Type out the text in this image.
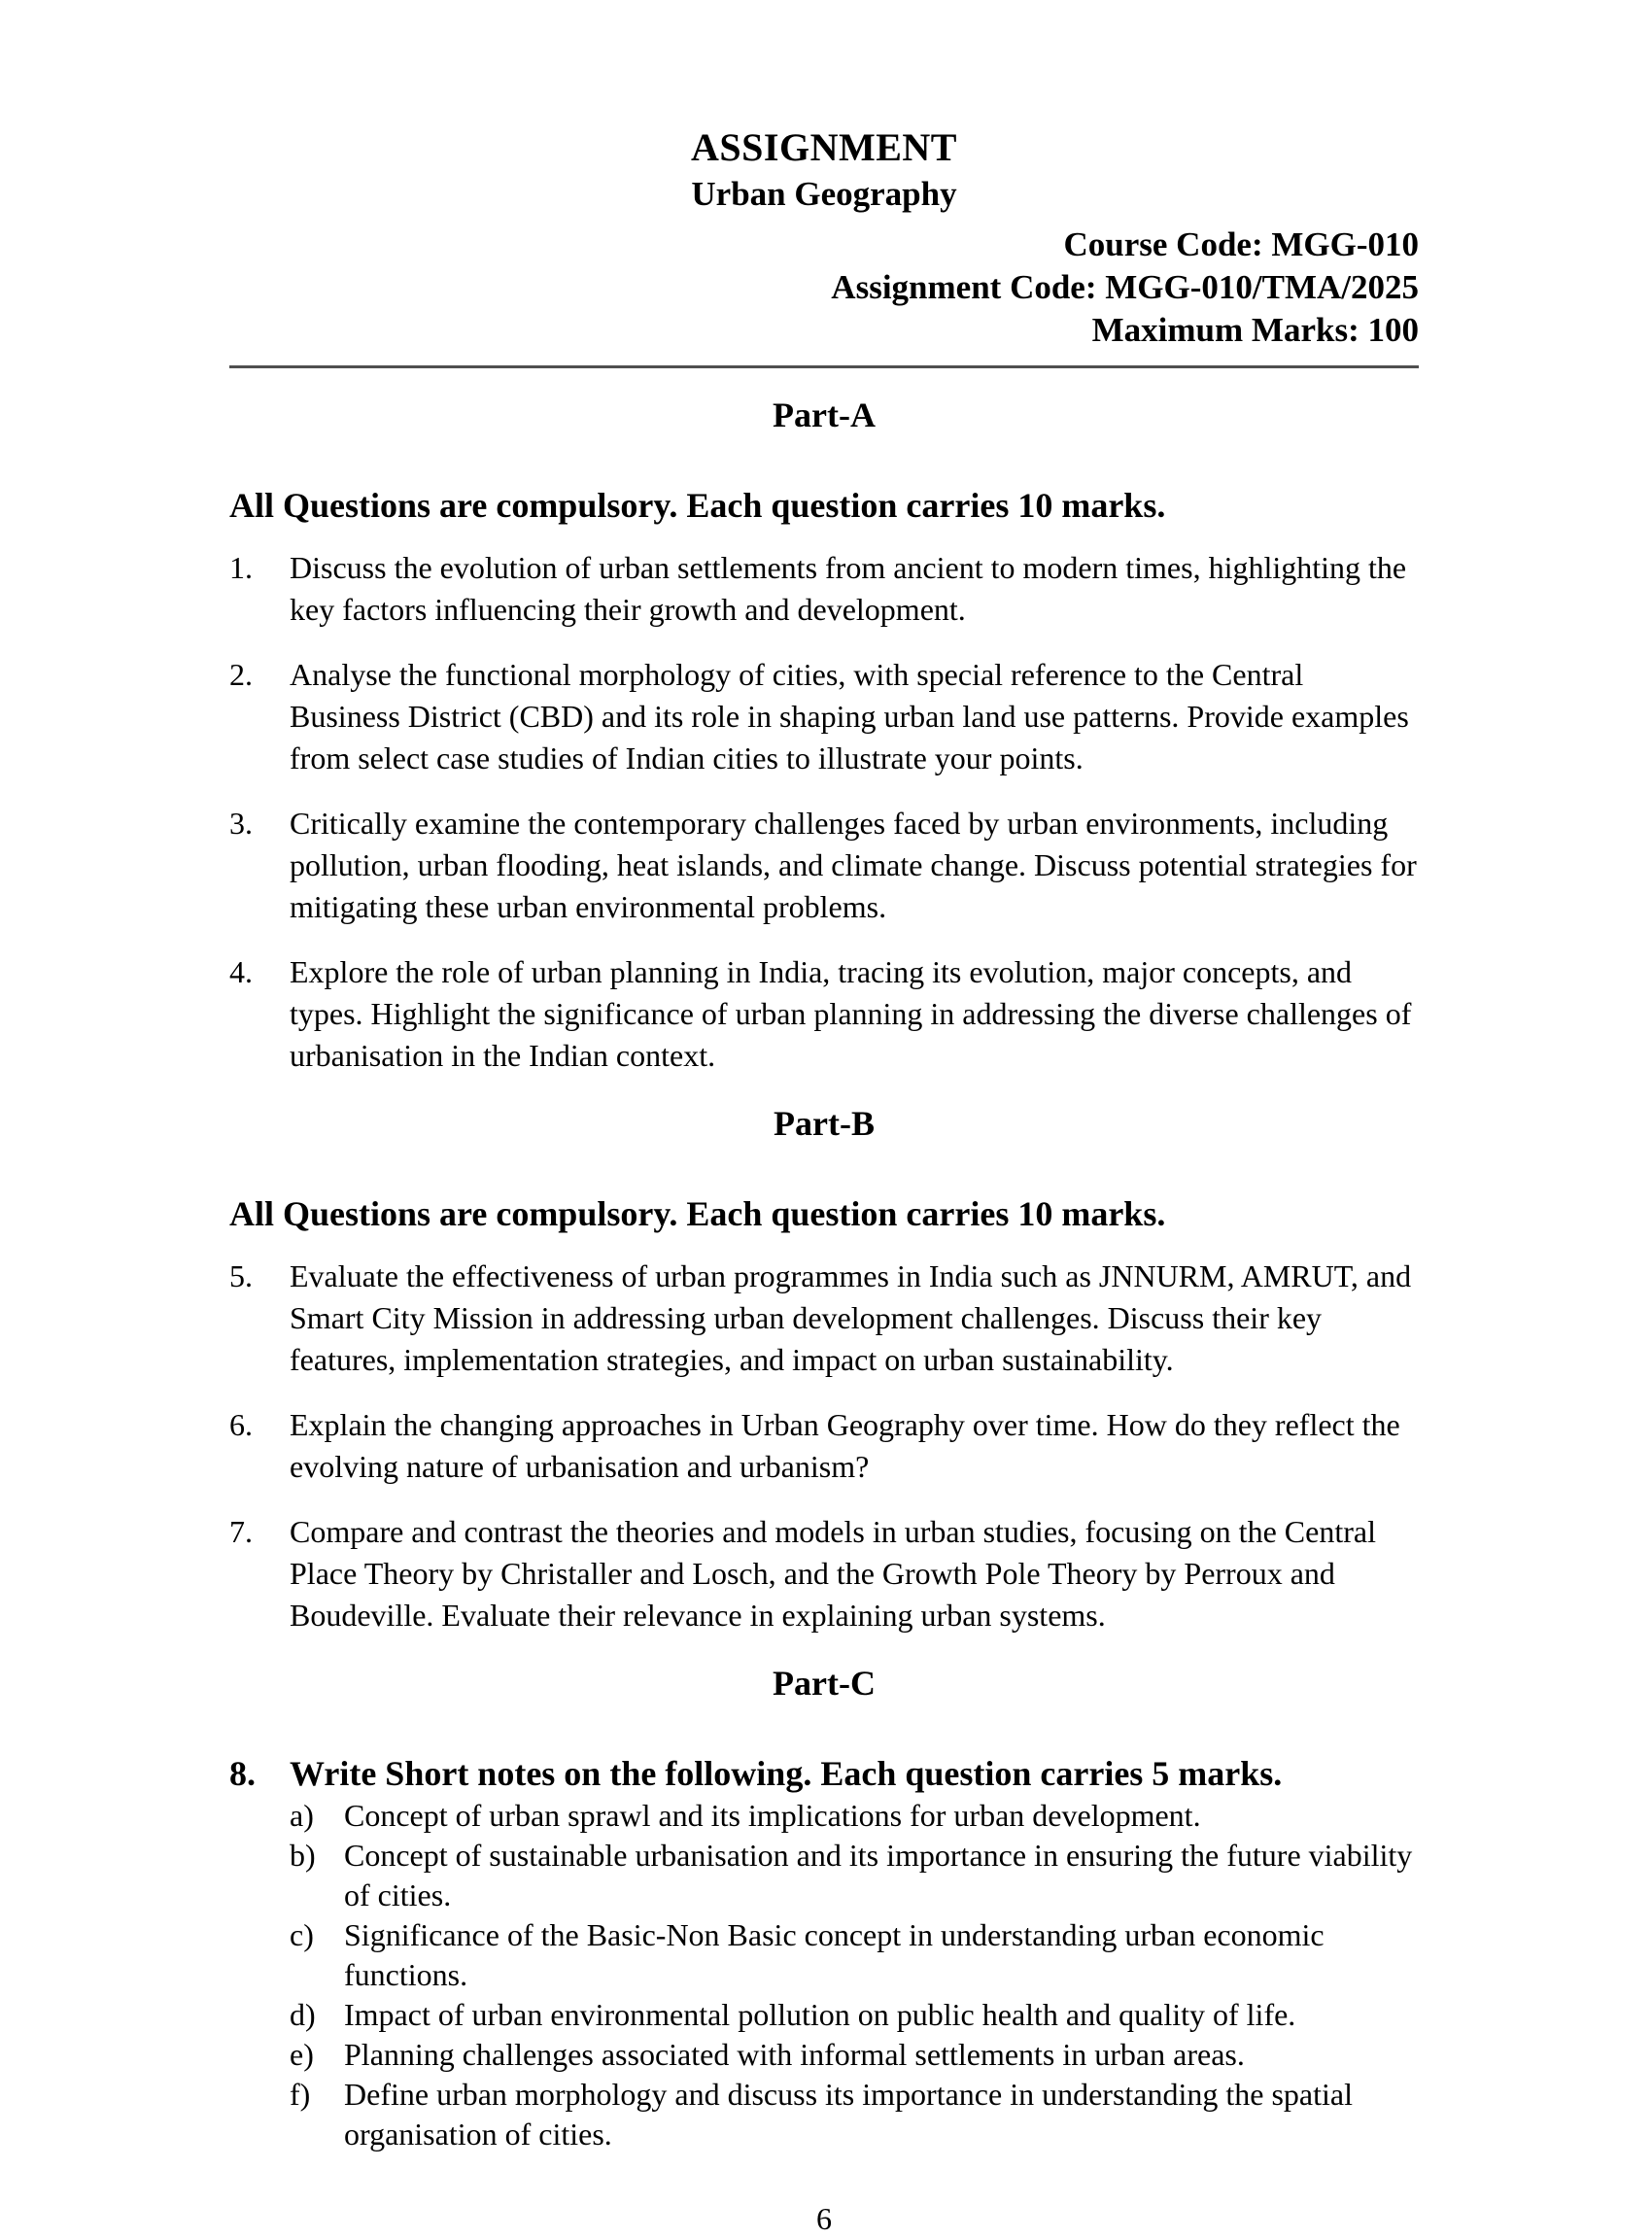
ASSIGNMENT
Urban Geography
Course Code: MGG-010
Assignment Code: MGG-010/TMA/2025
Maximum Marks: 100
Part-A
All Questions are compulsory. Each question carries 10 marks.
1.	Discuss the evolution of urban settlements from ancient to modern times, highlighting the key factors influencing their growth and development.
2.	Analyse the functional morphology of cities, with special reference to the Central Business District (CBD) and its role in shaping urban land use patterns. Provide examples from select case studies of Indian cities to illustrate your points.
3.	Critically examine the contemporary challenges faced by urban environments, including pollution, urban flooding, heat islands, and climate change. Discuss potential strategies for mitigating these urban environmental problems.
4.	Explore the role of urban planning in India, tracing its evolution, major concepts, and types. Highlight the significance of urban planning in addressing the diverse challenges of urbanisation in the Indian context.
Part-B
All Questions are compulsory. Each question carries 10 marks.
5.	Evaluate the effectiveness of urban programmes in India such as JNNURM, AMRUT, and Smart City Mission in addressing urban development challenges. Discuss their key features, implementation strategies, and impact on urban sustainability.
6.	Explain the changing approaches in Urban Geography over time. How do they reflect the evolving nature of urbanisation and urbanism?
7.	Compare and contrast the theories and models in urban studies, focusing on the Central Place Theory by Christaller and Losch, and the Growth Pole Theory by Perroux and Boudeville. Evaluate their relevance in explaining urban systems.
Part-C
8. Write Short notes on the following. Each question carries 5 marks.
a) Concept of urban sprawl and its implications for urban development.
b) Concept of sustainable urbanisation and its importance in ensuring the future viability of cities.
c) Significance of the Basic-Non Basic concept in understanding urban economic functions.
d) Impact of urban environmental pollution on public health and quality of life.
e) Planning challenges associated with informal settlements in urban areas.
f)	Define urban morphology and discuss its importance in understanding the spatial organisation of cities.
6
